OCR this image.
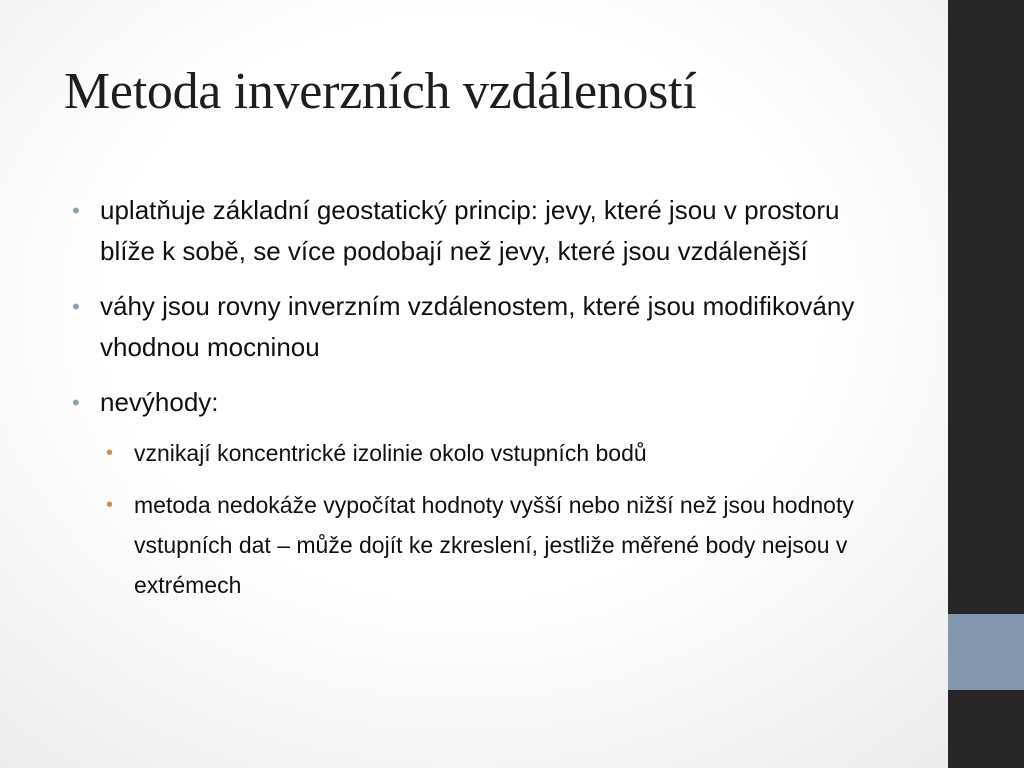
Metoda inverzních vzdáleností
• uplatňuje základní geostatický princip: jevy, které jsou v prostoru blíže k sobě, se více podobají než jevy, které jsou vzdálenější
• váhy jsou rovny inverzním vzdálenostem, které jsou modifikovány vhodnou mocninou
• nevýhody:
• vznikají koncentrické izolinie okolo vstupních bodů
• metoda nedokáže vypočítat hodnoty vyšší nebo nižší než jsou hodnoty vstupních dat – může dojít ke zkreslení, jestliže měřené body nejsou v extrémech
